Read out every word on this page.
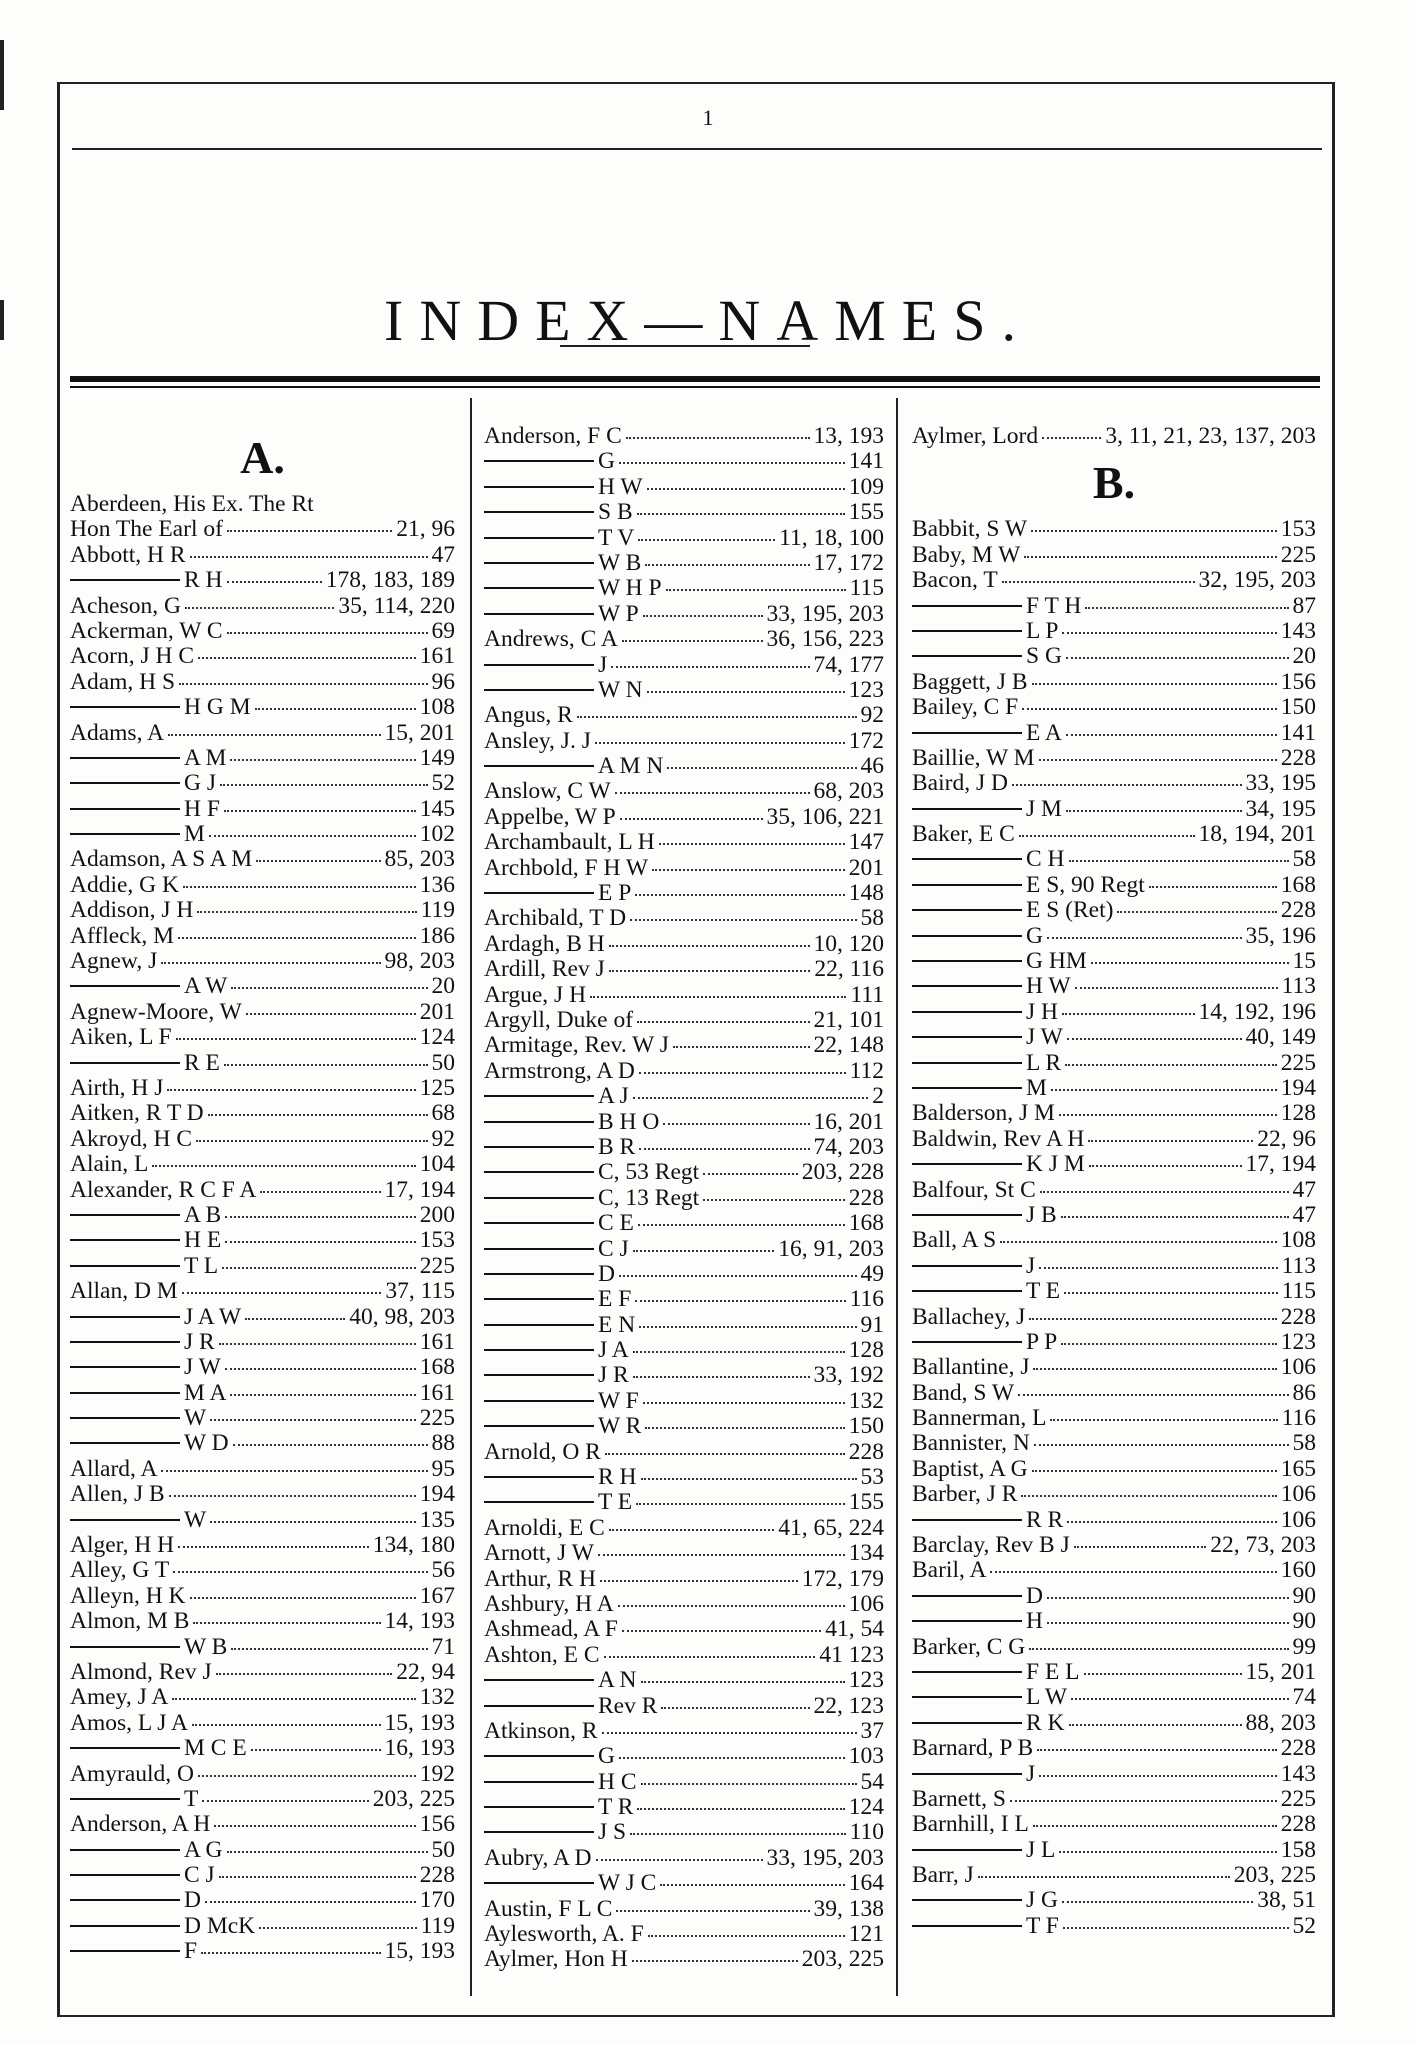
1
INDEX—NAMES.
A.
Aberdeen, His Ex. The Rt
Hon The Earl of	21, 96
Abbott, H R	47
R H	178, 183, 189
Acheson, G	35, 114, 220
Ackerman, W C	69
Acorn, J H C	161
Adam, H S	96
H G M	108
Adams, A	15, 201
A M	149
G J	52
H F	145
M	102
Adamson, A S A M	85, 203
Addie, G K	136
Addison, J H	119
Affleck, M	186
Agnew, J	98, 203
A W	20
Agnew-Moore, W	201
Aiken, L F	124
R E	50
Airth, H J	125
Aitken, R T D	68
Akroyd, H C	92
Alain, L	104
Alexander, R C F A	17, 194
A B	200
H E	153
T L	225
Allan, D M	37, 115
J A W	40, 98, 203
J R	161
J W	168
M A	161
W	225
W D	88
Allard, A	95
Allen, J B	194
W	135
Alger, H H	134, 180
Alley, G T	56
Alleyn, H K	167
Almon, M B	14, 193
W B	71
Almond, Rev J	22, 94
Amey, J A	132
Amos, L J A	15, 193
M C E	16, 193
Amyrauld, O	192
T	203, 225
Anderson, A H	156
A G	50
C J	228
D	170
D McK	119
F	15, 193
Anderson, F C	13, 193
G	141
H W	109
S B	155
T V	11, 18, 100
W B	17, 172
W H P	115
W P	33, 195, 203
Andrews, C A	36, 156, 223
J	74, 177
W N	123
Angus, R	92
Ansley, J. J	172
A M N	46
Anslow, C W	68, 203
Appelbe, W P	35, 106, 221
Archambault, L H	147
Archbold, F H W	201
E P	148
Archibald, T D	58
Ardagh, B H	10, 120
Ardill, Rev J	22, 116
Argue, J H	111
Argyll, Duke of	21, 101
Armitage, Rev. W J	22, 148
Armstrong, A D	112
A J	2
B H O	16, 201
B R	74, 203
C, 53 Regt	203, 228
C, 13 Regt	228
C E	168
C J	16, 91, 203
D	49
E F	116
E N	91
J A	128
J R	33, 192
W F	132
W R	150
Arnold, O R	228
R H	53
T E	155
Arnoldi, E C	41, 65, 224
Arnott, J W	134
Arthur, R H	172, 179
Ashbury, H A	106
Ashmead, A F	41, 54
Ashton, E C	41 123
A N	123
Rev R	22, 123
Atkinson, R	37
G	103
H C	54
T R	124
J S	110
Aubry, A D	33, 195, 203
W J C	164
Austin, F L C	39, 138
Aylesworth, A. F	121
Aylmer, Hon H	203, 225
Aylmer, Lord	3, 11, 21, 23, 137, 203
B.
Babbit, S W	153
Baby, M W	225
Bacon, T	32, 195, 203
F T H	87
L P	143
S G	20
Baggett, J B	156
Bailey, C F	150
E A	141
Baillie, W M	228
Baird, J D	33, 195
J M	34, 195
Baker, E C	18, 194, 201
C H	58
E S, 90 Regt	168
E S (Ret)	228
G	35, 196
G HM	15
H W	113
J H	14, 192, 196
J W	40, 149
L R	225
M	194
Balderson, J M	128
Baldwin, Rev A H	22, 96
K J M	17, 194
Balfour, St C	47
J B	47
Ball, A S	108
J	113
T E	115
Ballachey, J	228
P P	123
Ballantine, J	106
Band, S W	86
Bannerman, L	116
Bannister, N	58
Baptist, A G	165
Barber, J R	106
R R	106
Barclay, Rev B J	22, 73, 203
Baril, A	160
D	90
H	90
Barker, C G	99
F E L	15, 201
L W	74
R K	88, 203
Barnard, P B	228
J	143
Barnett, S	225
Barnhill, I L	228
J L	158
Barr, J	203, 225
J G	38, 51
T F	52
